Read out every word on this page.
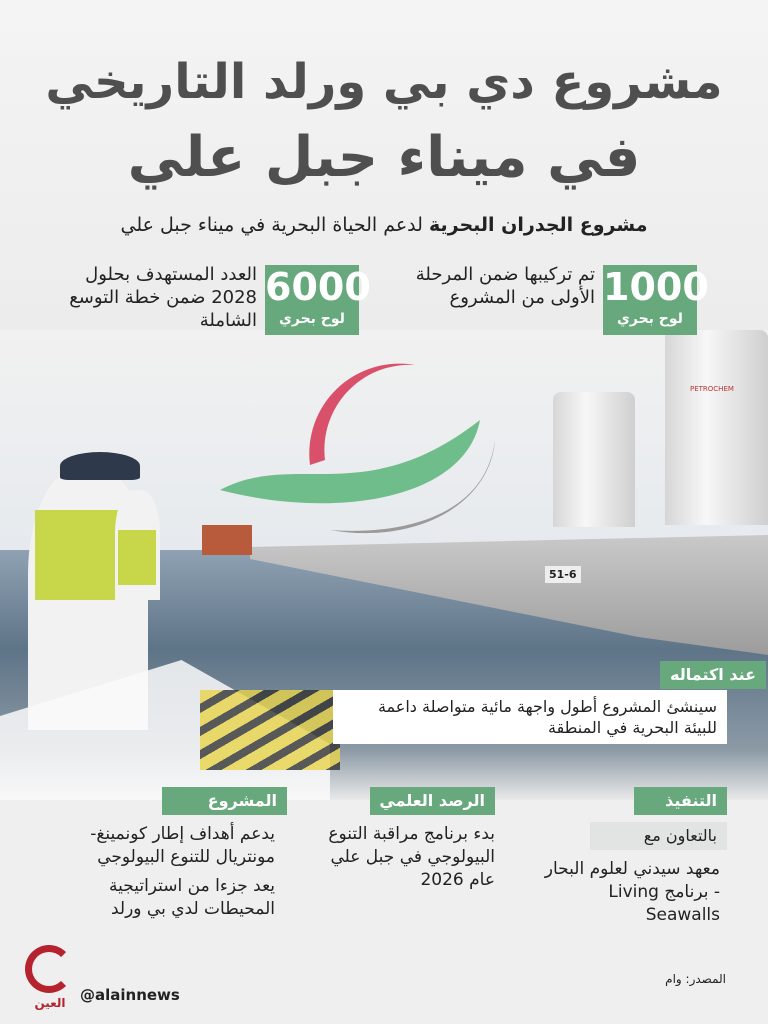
مشروع دي بي ورلد التاريخي
في ميناء جبل علي
مشروع الجدران البحرية لدعم الحياة البحرية في ميناء جبل علي
PETROCHEM
51-6
1000
لوح بحري
تم تركيبها ضمن المرحلة الأولى من المشروع
6000
لوح بحري
العدد المستهدف بحلول 2028 ضمن خطة التوسع الشاملة
عند اكتماله
سينشئ المشروع أطول واجهة مائية متواصلة داعمة للبيئة البحرية في المنطقة
التنفيذ
بالتعاون مع
معهد سيدني لعلوم البحار - برنامج Living Seawalls
الرصد العلمي
بدء برنامج مراقبة التنوع البيولوجي في جبل علي عام 2026
المشروع
يدعم أهداف إطار كونمينغ-مونتريال للتنوع البيولوجي
يعد جزءا من استراتيجية المحيطات لدي بي ورلد
العين @alainnews
المصدر: وام
